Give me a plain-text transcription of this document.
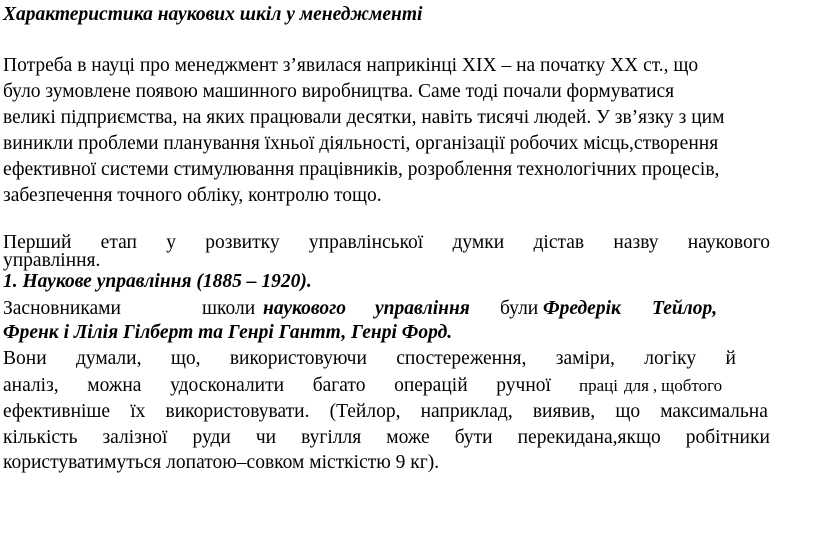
Характеристика наукових шкіл у менеджменті
Потреба в науці про менеджмент з’явилася наприкінці XIX – на початку XX ст., що
було зумовлене появою машинного виробництва. Саме тоді почали формуватися
великі підприємства, на яких працювали десятки, навіть тисячі людей. У зв’язку з цим
виникли проблеми планування їхньої діяльності, організації робочих місць,створення
ефективної системи стимулювання працівників, розроблення технологічних процесів,
забезпечення точного обліку, контролю тощо.
Перший етап у розвитку управлінської думки дістав назву наукового
управління.
1. Наукове управління (1885 – 1920).
Засновниками	школи наукового управління були Фредерік Тейлор,
Френк і Лілія Гілберт та Генрі Гантт, Генрі Форд.
Вони думали, що, використовуючи спостереження, заміри, логіку й
аналіз, можна удосконалити багато операцій ручної праці для , щобтого
ефективніше їх використовувати. (Тейлор, наприклад, виявив, що максимальна
кількість залізної руди чи вугілля може бути перекидана,якщо робітники
користуватимуться лопатою–совком місткістю 9 кг).
